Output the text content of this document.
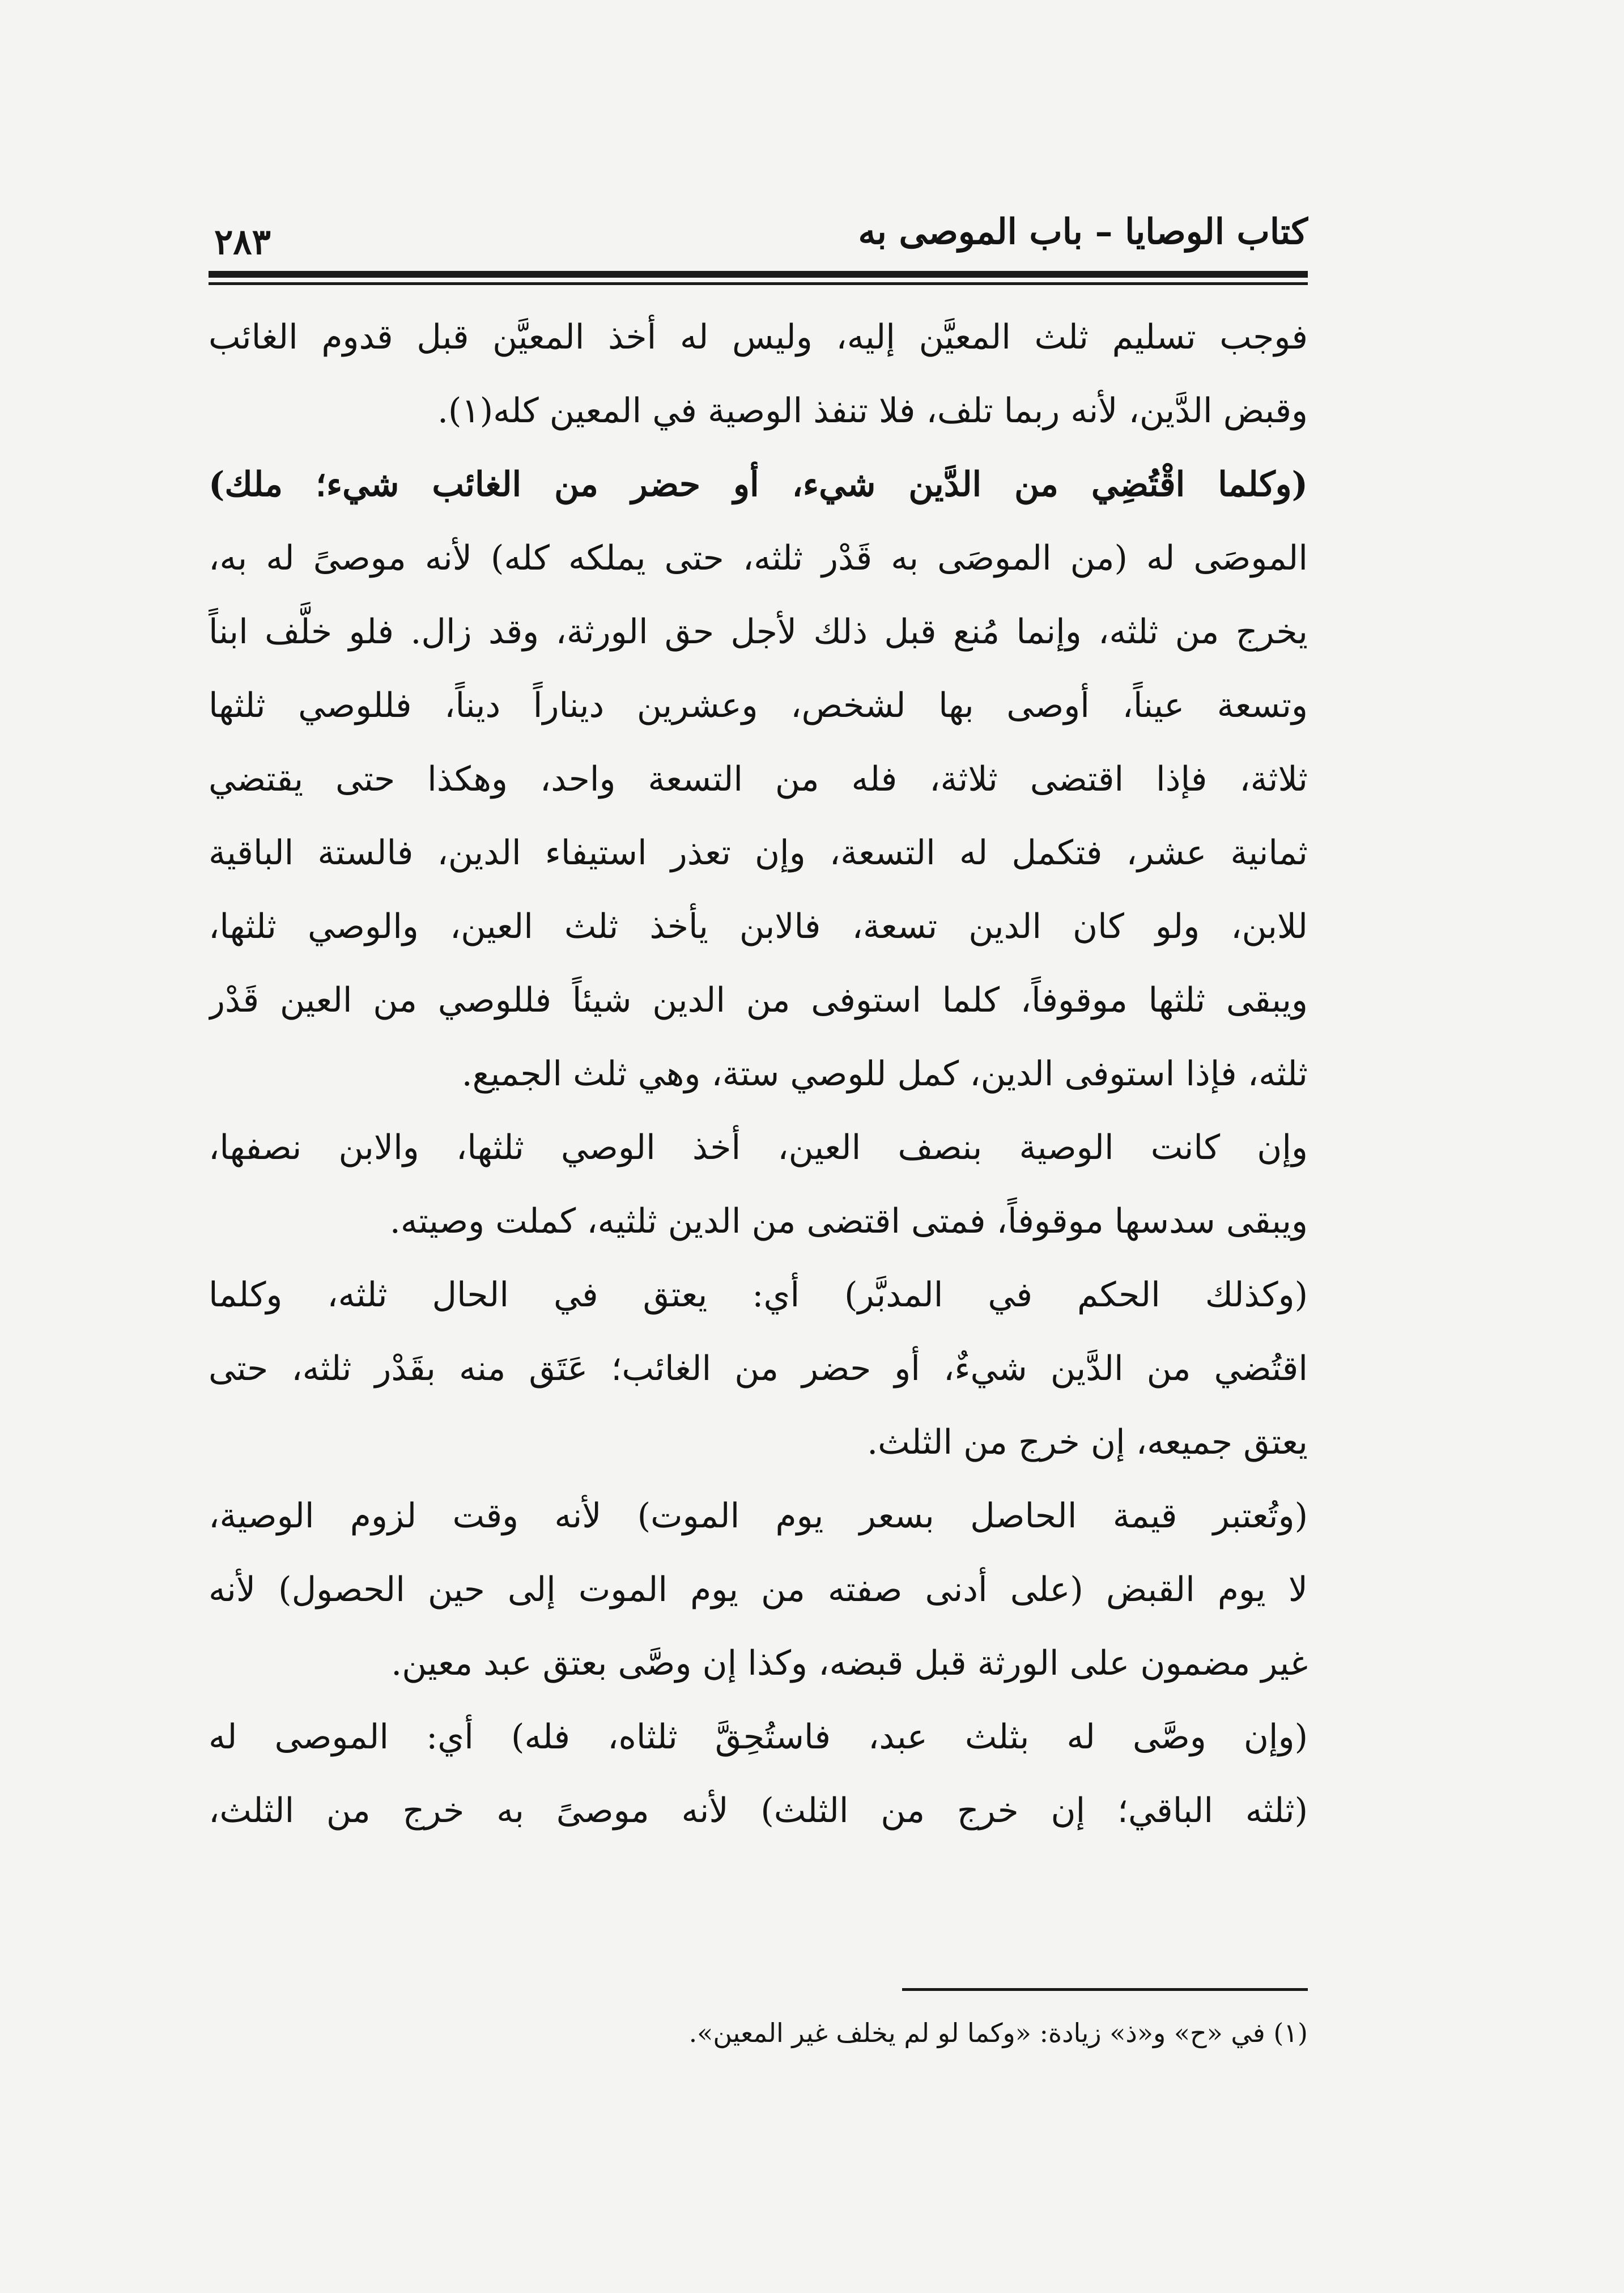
كتاب الوصايا – باب الموصى به
٢٨٣
فوجب تسليم ثلث المعيَّن إليه، وليس له أخذ المعيَّن قبل قدوم الغائب
وقبض الدَّين، لأنه ربما تلف، فلا تنفذ الوصية في المعين كله(١).
(وكلما اقْتُضِي من الدَّين شيء، أو حضر من الغائب شيء؛ ملك)
الموصَى له (من الموصَى به قَدْر ثلثه، حتى يملكه كله) لأنه موصىً له به،
يخرج من ثلثه، وإنما مُنع قبل ذلك لأجل حق الورثة، وقد زال. فلو خلَّف ابناً
وتسعة عيناً، أوصى بها لشخص، وعشرين ديناراً ديناً، فللوصي ثلثها
ثلاثة، فإذا اقتضى ثلاثة، فله من التسعة واحد، وهكذا حتى يقتضي
ثمانية عشر، فتكمل له التسعة، وإن تعذر استيفاء الدين، فالستة الباقية
للابن، ولو كان الدين تسعة، فالابن يأخذ ثلث العين، والوصي ثلثها،
ويبقى ثلثها موقوفاً، كلما استوفى من الدين شيئاً فللوصي من العين قَدْر
ثلثه، فإذا استوفى الدين، كمل للوصي ستة، وهي ثلث الجميع.
وإن كانت الوصية بنصف العين، أخذ الوصي ثلثها، والابن نصفها،
ويبقى سدسها موقوفاً، فمتى اقتضى من الدين ثلثيه، كملت وصيته.
(وكذلك الحكم في المدبَّر) أي: يعتق في الحال ثلثه، وكلما
اقتُضي من الدَّين شيءٌ، أو حضر من الغائب؛ عَتَق منه بقَدْر ثلثه، حتى
يعتق جميعه، إن خرج من الثلث.
(وتُعتبر قيمة الحاصل بسعر يوم الموت) لأنه وقت لزوم الوصية،
لا يوم القبض (على أدنى صفته من يوم الموت إلى حين الحصول) لأنه
غير مضمون على الورثة قبل قبضه، وكذا إن وصَّى بعتق عبد معين.
(وإن وصَّى له بثلث عبد، فاستُحِقَّ ثلثاه، فله) أي: الموصى له
(ثلثه الباقي؛ إن خرج من الثلث) لأنه موصىً به خرج من الثلث،
(١) في «ح» و«ذ» زيادة: «وكما لو لم يخلف غير المعين».
